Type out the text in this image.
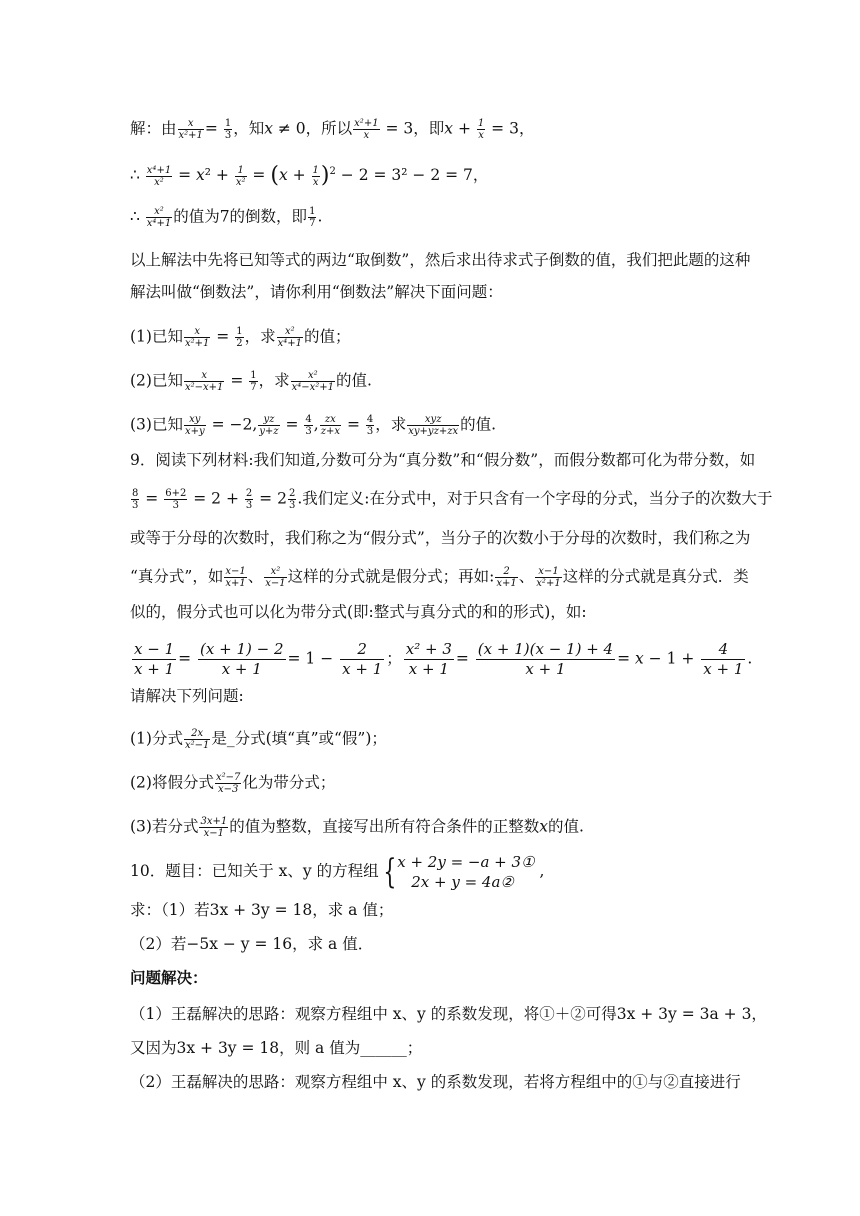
解：由 $\frac{x}{\text{x²+1}} = \frac{1}{3}$ ，知x ≠ 0，所以 $\frac{\text{x²+1}}{x} = 3$，即$x + \frac{1}{x} = 3$，
∴ $\frac{\text{x⁴+1}}{\text{x²}} = x^2 + \frac{1}{\text{x²}} = (x + \frac{1}{x} )^2 - 2 = 3^2 - 2 = 7$，
∴ $\frac{\text{x²}}{\text{x⁴+1}}$ 的值为7的倒数，即 $\frac{1}{7}$ .
以上解法中先将已知等式的两边“取倒数”，然后求出待求式子倒数的值，我们把此题的这种
解法叫做“倒数法”，请你利用“倒数法”解决下面问题：
(1)已知 $\frac{x}{\text{x²+1}} = \frac{1}{2}$ ，求 $\frac{\text{x²}}{\text{x⁴+1}}$ 的值；
(2)已知 $\frac{x}{\text{x²−x+1}} = \frac{1}{7}$ ，求 $\frac{\text{x²}}{\text{x⁴−x²+1}}$ 的值.
(3)已知 $\frac{xy}{x+y} = -2$, $\frac{yz}{y+z} = \frac{4}{3}$ , $\frac{zx}{z+x} = \frac{4}{3}$ ，求 $\frac{\text{xyz}}{xy+yz+zx}$ 的值.
9．阅读下列材料:我们知道,分数可分为“真分数”和“假分数”，而假分数都可化为带分数，如
$\frac{8}{3} = \frac{6+2}{3} = 2 + \frac{2}{3} = 2 \frac{2}{3}$ .我们定义:在分式中，对于只含有一个字母的分式，当分子的次数大于
或等于分母的次数时，我们称之为“假分式”，当分子的次数小于分母的次数时，我们称之为
“真分式”，如 $\frac{x-1}{x+1}$ 、 $\frac{\text{x²}}{x-1}$ 这样的分式就是假分式；再如: $\frac{2}{x+1}$ 、 $\frac{x-1}{\text{x²+1}}$ 这样的分式就是真分式．类
似的，假分式也可以化为带分式(即:整式与真分式的和的形式)，如:
$\frac{x - 1}{x + 1} = \frac{(x + 1) - 2}{x + 1} = 1 - \frac{2}{x + 1}$ ； $\frac{\text{x² + 3}}{x + 1} = \frac{(x + 1)(x - 1) + 4}{x + 1} = x - 1 + \frac{4}{x + 1}$ .
请解决下列问题:
(1)分式 $\frac{2x}{\text{x²−1}}$ 是_分式(填“真”或“假”)；
(2)将假分式 $\frac{\text{x²−7}}{x-3}$ 化为带分式；
(3)若分式 $\frac{3x+1}{x-1}$ 的值为整数，直接写出所有符合条件的正整数x的值.
10．题目：已知关于 x、y 的方程组 { x + 2y = −a + 3①
2x + y = 4a②
,
求：（1）若3x + 3y = 18，求 a 值；
（2）若−5x − y = 16，求 a 值．
问题解决：
（1）王磊解决的思路：观察方程组中 x、y 的系数发现，将①＋②可得3x + 3y = 3a + 3，
又因为3x + 3y = 18，则 a 值为______；
（2）王磊解决的思路：观察方程组中 x、y 的系数发现，若将方程组中的①与②直接进行
